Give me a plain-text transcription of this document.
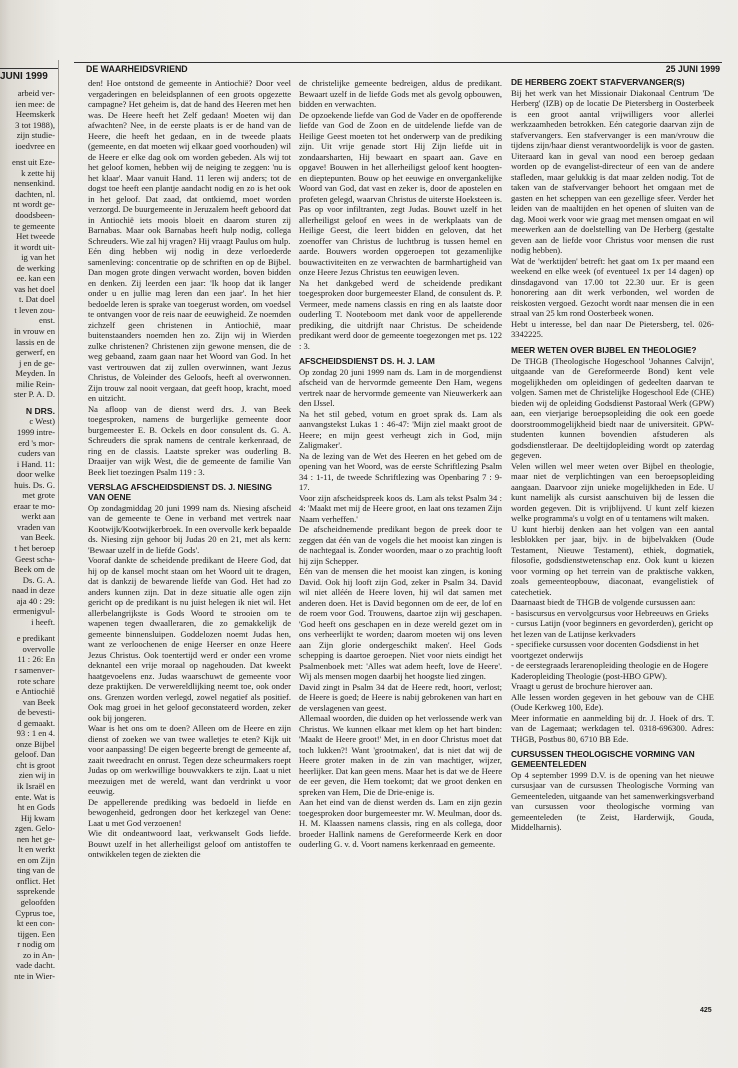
JUNI 1999
arbeid ver-
ien mee: de
Heemskerk
3 tot 1988),
zijn studie-
ioedvree en
enst uit Eze-
k zette hij
nensenkind.
dachten, nl.
nt wordt ge-
doodsbeen-
te gemeente
Het tweede
it wordt uit-
ig van het
de werking
ee. kan een
vas het doel
t. Dat doel
t leven zou-
enst.
in vrouw en
lassis en de
gerwerf, en
j en de ge-
Meyden. In
milie Rein-
ster P. A. D.
N DRS.
c West)
1999 intre-
erd 's mor-
cuders van
i Hand. 11:
door welke
huis. Ds. G.
met grote
eraar te mo-
werkt aan
vraden van
van Beek.
t het beroep
Geest scha-
Beek om de
Ds. G. A.
naad in deze
aja 40 : 29:
ermenigvul-
i heeft.
e predikant
overvolle
11 : 26: En
r samenver-
rote schare
e Antiochië
van Beek
de bevesti-
d gemaakt.
93 : 1 en 4.
onze Bijbel
geloof. Dan
cht is groot
zien wij in
ik Israël en
ente. Wat is
ht en Gods
Hij kwam
zgen. Gelo-
nen het ge-
lt en werkt
en om Zijn
ting van de
onflict. Het
ssprekende
geloofden
Cyprus toe,
kt een con-
tijgen. Een
r nodig om
zo in An-
vade dacht.
nte in Wier-
DE WAARHEIDSVRIEND	25 JUNI 1999

den! Hoe ontstond de gemeente in Antiochië? Door veel vergaderingen en beleidsplannen of een groots opgezette campagne? Het geheim is, dat de hand des Heeren met hen was. De Heere heeft het Zelf gedaan! Moeten wij dan afwachten? Nee, in de eerste plaats is er de hand van de Heere, die heeft het gedaan, en in de tweede plaats (gemeente, en dat moeten wij elkaar goed voorhouden) wil de Heere er elke dag ook om worden gebeden. Als wij tot het geloof komen, hebben wij de neiging te zeggen: 'nu is het klaar'. Maar vanuit Hand. 11 leren wij anders; tot de dogst toe heeft een plantje aandacht nodig en zo is het ook in het geloof. Dat zaad, dat ontkiemd, moet worden verzorgd. De buurgemeente in Jeruzalem heeft geboord dat in Antiochië iets moois bloeit en daarom sturen zij Barnabas. Maar ook Barnabas heeft hulp nodig, collega Schreuders. Wie zal hij vragen? Hij vraagt Paulus om hulp.

Eén ding hebben wij nodig in deze verloederde samenleving: concentratie op de schriften en op de Bijbel. Dan mogen grote dingen verwacht worden, boven bidden en denken. Zij leerden een jaar: 'Ik hoop dat ik langer onder u en jullie mag leren dan een jaar'. In het hier bedoelde leren is sprake van toegerust worden, om voedsel te ontvangen voor de reis naar de eeuwigheid. Ze noemden zichzelf geen christenen in Antiochië, maar buitenstaanders noemden hen zo. Zijn wij in Wierden zulke christenen? Christenen zijn gewone mensen, die de weg gebaand, zaam gaan naar het Woord van God. In het vast vertrouwen dat zij zullen overwinnen, want Jezus Christus, de Voleinder des Geloofs, heeft al overwonnen. Zijn trouw zal nooit vergaan, dat geeft hoop, kracht, moed en uitzicht.

Na afloop van de dienst werd drs. J. van Beek toegesproken, namens de burgerlijke gemeente door burgemeester E. B. Ockels en door consulent ds. G. A. Schreuders die sprak namens de centrale kerkenraad, de ring en de classis. Laatste spreker was ouderling B. Draaijer van wijk West, die de gemeente de familie Van Beek liet toezingen Psalm 119 : 3.

VERSLAG AFSCHEIDSDIENST DS. J. NIESING VAN OENE

Op zondagmiddag 20 juni 1999 nam ds. Niesing afscheid van de gemeente te Oene in verband met vertrek naar Kootwijk/Kootwijkerbroek. In een overvolle kerk bepaalde ds. Niesing zijn gehoor bij Judas 20 en 21, met als kern: 'Bewaar uzelf in de liefde Gods'.

Vooraf dankte de scheidende predikant de Heere God, dat hij op de kansel mocht staan om het Woord uit te dragen, dat is dankzij de bewarende liefde van God. Het had zo anders kunnen zijn. Dat in deze situatie alle ogen zijn gericht op de predikant is nu juist helegen ik niet wil. Het allerbelangrijkste is Gods Woord te strooien om te wapenen tegen dwaalleraren, die zo gemakkelijk de gemeente binnensluipen. Goddelozen noemt Judas hen, want ze verloochenen de enige Heerser en onze Heere Jezus Christus. Ook toentertijd werd er onder een vrome deknantel een vrije moraal op nagehouden. Dat kweekt haatgevoelens enz. Judas waarschuwt de gemeente voor deze praktijken. De verwereldlijking neemt toe, ook onder ons. Grenzen worden verlegd, zowel negatief als positief. Ook mag groei in het geloof geconstateerd worden, zeker ook bij jongeren.

Waar is het ons om te doen? Alleen om de Heere en zijn dienst of zoeken we van twee walletjes te eten? Kijk uit voor aanpassing! De eigen begeerte brengt de gemeente af, zaait tweedracht en onrust. Tegen deze scheurmakers roept Judas op om werkwillige bouwvakkers te zijn. Laat u niet meezuigen met de wereld, want dan verdrinkt u voor eeuwig.

De appellerende prediking was bedoeld in liefde en bewogenheid, gedrongen door het kerkzegel van Oene: Laat u met God verzoenen!

Wie dit ondeantwoord laat, verkwanselt Gods liefde. Bouwt uzelf in het allerheiligst geloof om antistoffen te ontwikkelen tegen de ziekten die

de christelijke gemeente bedreigen, aldus de predikant. Bewaart uzelf in de liefde Gods met als gevolg opbouwen, bidden en verwachten.

De opzoekende liefde van God de Vader en de opofferende liefde van God de Zoon en de uitdelende liefde van de Heilige Geest moeten tot het onderwerp van de prediking zijn. Uit vrije genade stort Hij Zijn liefde uit in zondaarsharten, Hij bewaart en spaart aan. Gave en opgave! Bouwen in het allerheiligst geloof kent hoogten- en dieptepunten. Bouw op het eeuwige en onvergankelijke Woord van God, dat vast en zeker is, door de apostelen en profeten gelegd, waarvan Christus de uiterste Hoeksteen is. Pas op voor infiltranten, zegt Judas. Bouwt uzelf in het allerheiligst geloof en wees in de werkplaats van de Heilige Geest, die leert bidden en geloven, dat het zoenoffer van Christus de luchtbrug is tussen hemel en aarde. Bouwers worden opgeroepen tot gezamenlijke bouwactiviteiten en ze verwachten de barmhartigheid van onze Heere Jezus Christus ten eeuwigen leven.

Na het dankgebed werd de scheidende predikant toegesproken door burgemeester Eland, de consulent ds. P. Vermeer, mede namens classis en ring en als laatste door ouderling T. Nooteboom met dank voor de appellerende prediking, die uitdrijft naar Christus. De scheidende predikant werd door de gemeente toegezongen met ps. 122 : 3.

AFSCHEIDSDIENST DS. H. J. LAM

Op zondag 20 juni 1999 nam ds. Lam in de morgendienst afscheid van de hervormde gemeente Den Ham, wegens vertrek naar de hervormde gemeente van Nieuwerkerk aan den IJssel.

Na het stil gebed, votum en groet sprak ds. Lam als aanvangstekst Lukas 1 : 46-47: 'Mijn ziel maakt groot de Heere; en mijn geest verheugt zich in God, mijn Zaligmaker'.

Na de lezing van de Wet des Heeren en het gebed om de opening van het Woord, was de eerste Schriftlezing Psalm 34 : 1-11, de tweede Schriftlezing was Openbaring 7 : 9-17.

Voor zijn afscheidspreek koos ds. Lam als tekst Psalm 34 : 4: 'Maakt met mij de Heere groot, en laat ons tezamen Zijn Naam verheffen.'

De afscheidnemende predikant begon de preek door te zeggen dat één van de vogels die het mooist kan zingen is de nachtegaal is. Zonder woorden, maar o zo prachtig looft hij zijn Schepper.

Eén van de mensen die het mooist kan zingen, is koning David. Ook hij looft zijn God, zeker in Psalm 34. David wil niet alléén de Heere loven, hij wil dat samen met anderen doen. Het is David begonnen om de eer, de lof en de roem voor God. Trouwens, daartoe zijn wij geschapen. 'God heeft ons geschapen en in deze wereld gezet om in ons verheerlijkt te worden; daarom moeten wij ons leven aan Zijn glorie ondergeschikt maken'. Heel Gods schepping is daartoe geroepen. Niet voor niets eindigt het Psalmenboek met: 'Alles wat adem heeft, love de Heere'. Wij als mensen mogen daarbij het hoogste lied zingen.

David zingt in Psalm 34 dat de Heere redt, hoort, verlost; de Heere is goed; de Heere is nabij gebrokenen van hart en de verslagenen van geest.

Allemaal woorden, die duiden op het verlossende werk van Christus. We kunnen elkaar met klem op het hart binden: 'Maakt de Heere groot!' Met, in en door Christus moet dat toch lukken?! Want 'grootmaken', dat is niet dat wij de Heere groter maken in de zin van machtiger, wijzer, heerlijker. Dat kan geen mens. Maar het is dat we de Heere de eer geven, die Hem toekomt; dat we groot denken en spreken van Hem, Die de Drie-enige is.

Aan het eind van de dienst werden ds. Lam en zijn gezin toegesproken door burgemeester mr. W. Meulman, door ds. H. M. Klaassen namens classis, ring en als collega, door broeder Hallink namens de Gereformeerde Kerk en door ouderling G. v. d. Voort namens kerkenraad en gemeente.

DE HERBERG ZOEKT STAFVERVANGER(S)

Bij het werk van het Missionair Diakonaal Centrum 'De Herberg' (IZB) op de locatie De Pietersberg in Oosterbeek is een groot aantal vrijwilligers voor allerlei werkzaamheden betrokken. Eén categorie daarvan zijn de stafvervangers. Een stafvervanger is een man/vrouw die tijdens zijn/haar dienst verantwoordelijk is voor de gasten. Uiteraard kan in geval van nood een beroep gedaan worden op de evangelist-directeur of een van de andere stafleden, maar gelukkig is dat maar zelden nodig. Tot de taken van de stafvervanger behoort het omgaan met de gasten en het scheppen van een gezellige sfeer. Verder het leiden van de maaltijden en het openen of sluiten van de dag. Mooi werk voor wie graag met mensen omgaat en wil meewerken aan de doelstelling van De Herberg (gestalte geven aan de liefde voor Christus voor mensen die rust nodig hebben).

Wat de 'werktijden' betreft: het gaat om 1x per maand een weekend en elke week (of eventueel 1x per 14 dagen) op dinsdagavond van 17.00 tot 22.30 uur. Er is geen honorering aan dit werk verbonden, wel worden de reiskosten vergoed. Gezocht wordt naar mensen die in een straal van 25 km rond Oosterbeek wonen.

Hebt u interesse, bel dan naar De Pietersberg, tel. 026-3342225.

MEER WETEN OVER BIJBEL EN THEOLOGIE?

De THGB (Theologische Hogeschool 'Johannes Calvijn', uitgaande van de Gereformeerde Bond) kent vele mogelijkheden om opleidingen of gedeelten daarvan te volgen. Samen met de Christelijke Hogeschool Ede (CHE) bieden wij de opleiding Godsdienst Pastoraal Werk (GPW) aan, een vierjarige beroepsopleiding die ook een goede doorstroommogelijkheid biedt naar de universiteit. GPW-studenten kunnen bovendien afstuderen als godsdienstleraar. De deeltijdopleiding wordt op zaterdag gegeven.

Velen willen wel meer weten over Bijbel en theologie, maar niet de verplichtingen van een beroepsopleiding aangaan. Daarvoor zijn unieke mogelijkheden in Ede. U kunt namelijk als cursist aanschuiven bij de lessen die worden gegeven. Dit is vrijblijvend. U kunt zelf kiezen welke programma's u volgt en of u tentamens wilt maken.

U kunt hierbij denken aan het volgen van een aantal lesblokken per jaar, bijv. in de bijbelvakken (Oude Testament, Nieuwe Testament), ethiek, dogmatiek, filosofie, godsdienstwetenschap enz. Ook kunt u kiezen voor vorming op het terrein van de praktische vakken, zoals gemeenteopbouw, diaconaat, evangelistiek of catechetiek.

Daarnaast biedt de THGB de volgende cursussen aan:

- basiscursus en vervolgcursus voor Hebreeuws en Grieks

- cursus Latijn (voor beginners en gevorderden), gericht op het lezen van de Latijnse kerkvaders

- specifieke cursussen voor docenten Godsdienst in het voortgezet onderwijs

- de eerstegraads lerarenopleiding theologie en de Hogere Kaderopleiding Theologie (post-HBO GPW).

Vraagt u gerust de brochure hierover aan.

Alle lessen worden gegeven in het gebouw van de CHE (Oude Kerkweg 100, Ede).

Meer informatie en aanmelding bij dr. J. Hoek of drs. T. van de Lagemaat; werkdagen tel. 0318-696300. Adres: THGB, Postbus 80, 6710 BB Ede.

CURSUSSEN THEOLOGISCHE VORMING VAN GEMEENTELEDEN

Op 4 september 1999 D.V. is de opening van het nieuwe cursusjaar van de cursussen Theologische Vorming van Gemeenteleden, uitgaande van het samenwerkingsverband van cursussen voor theologische vorming van gemeenteleden (te Zeist, Harderwijk, Gouda, Middelharnis).

425
